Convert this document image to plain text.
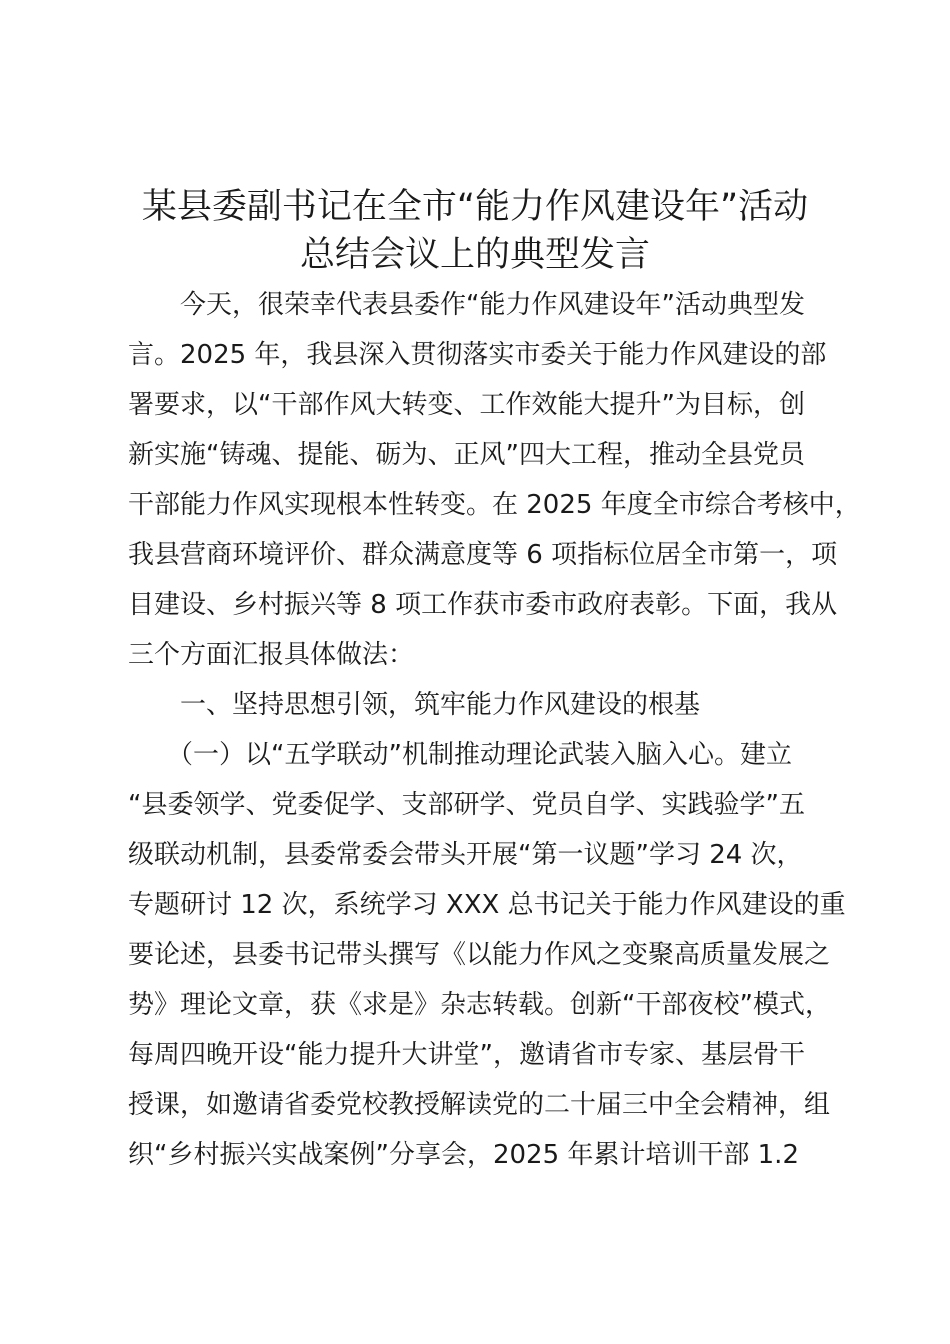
某县委副书记在全市“能力作风建设年”活动
总结会议上的典型发言
　　今天，很荣幸代表县委作“能力作风建设年”活动典型发
言。2025 年，我县深入贯彻落实市委关于能力作风建设的部
署要求，以“干部作风大转变、工作效能大提升”为目标，创
新实施“铸魂、提能、砺为、正风”四大工程，推动全县党员
干部能力作风实现根本性转变。在 2025 年度全市综合考核中，
我县营商环境评价、群众满意度等 6 项指标位居全市第一，项
目建设、乡村振兴等 8 项工作获市委市政府表彰。下面，我从
三个方面汇报具体做法：
　　一、坚持思想引领，筑牢能力作风建设的根基
　　（一）以“五学联动”机制推动理论武装入脑入心。建立
“县委领学、党委促学、支部研学、党员自学、实践验学”五
级联动机制，县委常委会带头开展“第一议题”学习 24 次，
专题研讨 12 次，系统学习 XXX 总书记关于能力作风建设的重
要论述，县委书记带头撰写《以能力作风之变聚高质量发展之
势》理论文章，获《求是》杂志转载。创新“干部夜校”模式，
每周四晚开设“能力提升大讲堂”，邀请省市专家、基层骨干
授课，如邀请省委党校教授解读党的二十届三中全会精神，组
织“乡村振兴实战案例”分享会，2025 年累计培训干部 1.2
